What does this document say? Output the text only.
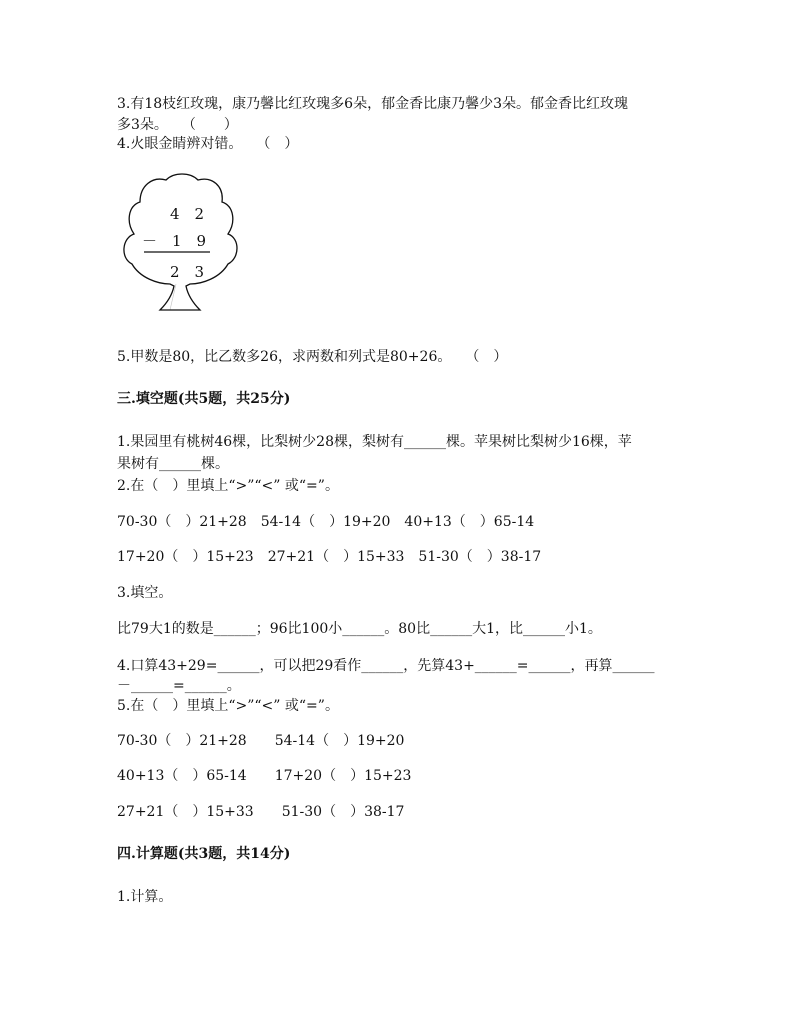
3.有18枝红玫瑰，康乃馨比红玫瑰多6朵，郁金香比康乃馨少3朵。郁金香比红玫瑰
多3朵。　　（　　）
4.火眼金睛辨对错。　　（　）
4　2
－　1　9
2　3
5.甲数是80，比乙数多26，求两数和列式是80+26。　　（　）
三.填空题(共5题，共25分)
1.果园里有桃树46棵，比梨树少28棵，梨树有______棵。苹果树比梨树少16棵，苹
果树有______棵。
2.在（　）里填上“>”“<” 或“=”。
70-30（　）21+28　54-14（　）19+20　40+13（　）65-14
17+20（　）15+23　27+21（　）15+33　51-30（　）38-17
3.填空。
比79大1的数是______；96比100小______。80比______大1，比______小1。
4.口算43+29=______，可以把29看作______，先算43+______=______，再算______
－______=______。
5.在（　）里填上“>”“<” 或“=”。
70-30（　）21+28　　54-14（　）19+20
40+13（　）65-14　　17+20（　）15+23
27+21（　）15+33　　51-30（　）38-17
四.计算题(共3题，共14分)
1.计算。
